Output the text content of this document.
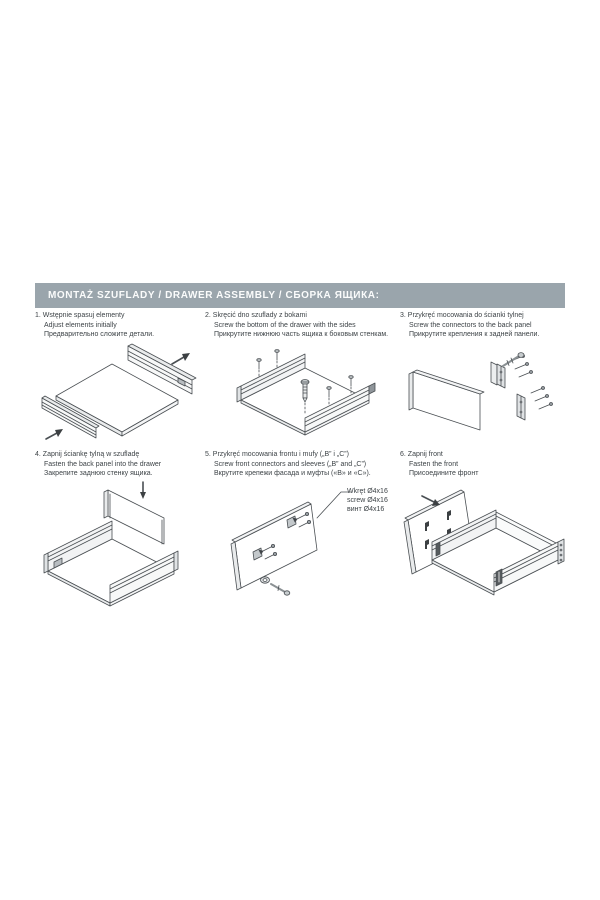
MONTAŻ SZUFLADY / DRAWER ASSEMBLY / СБОРКА ЯЩИКА:
1. Wstępnie spasuj elementy
Adjust elements initially
Предварительно сложите детали.
2. Skręcić dno szuflady z bokami
Screw the bottom of the drawer with the sides
Прикрутите нижнюю часть ящика к боковым стенкам.
3. Przykręć mocowania do ścianki tylnej
Screw the connectors to the back panel
Прикрутите крепления к задней панели.
4. Zapnij ściankę tylną w szufladę
Fasten the back panel into the drawer
Закрепите заднюю стенку ящика.
5. Przykręć mocowania frontu i mufy („B” i „C”)
Screw front connectors and sleeves („B” and „C”)
Вкрутите крепежи фасада и муфты («В» и «С»).
6. Zapnij front
Fasten the front
Присоедините фронт
Wkręt Ø4x16
screw Ø4x16
винт Ø4x16
